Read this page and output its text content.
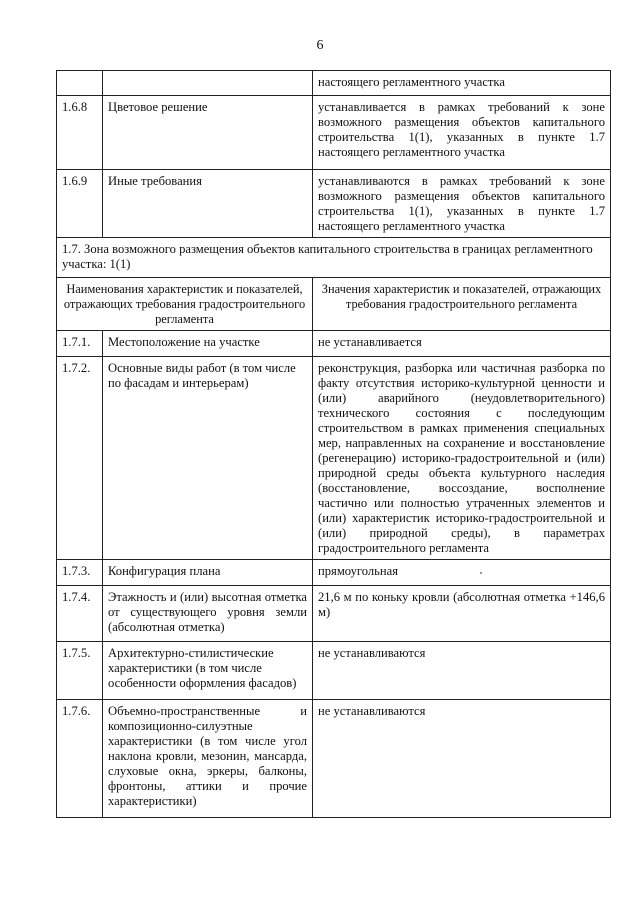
6
		настоящего регламентного участка
1.6.8	Цветовое решение	устанавливается в рамках требований к зоне возможного размещения объектов капитального строительства 1(1), указанных в пункте 1.7 настоящего регламентного участка
1.6.9	Иные требования	устанавливаются в рамках требований к зоне возможного размещения объектов капитального строительства 1(1), указанных в пункте 1.7 настоящего регламентного участка
1.7. Зона возможного размещения объектов капитального строительства в границах регламентного участка: 1(1)		
Наименования характеристик и показателей, отражающих требования градостроительного регламента		Значения характеристик и показателей, отражающих требования градостроительного регламента
1.7.1.	Местоположение на участке	не устанавливается
1.7.2.	Основные виды работ (в том числе по фасадам и интерьерам)	реконструкция, разборка или частичная разборка по факту отсутствия историко-культурной ценности и (или) аварийного (неудовлетворительного) технического состояния с последующим строительством в рамках применения специальных мер, направленных на сохранение и восстановление (регенерацию) историко-градостроительной и (или) природной среды объекта культурного наследия (восстановление, воссоздание, восполнение частично или полностью утраченных элементов и (или) характеристик историко-градостроительной и (или) природной среды), в параметрах градостроительного регламента
1.7.3.	Конфигурация плана	прямоугольная
1.7.4.	Этажность и (или) высотная отметка от существующего уровня земли (абсолютная отметка)	21,6 м по коньку кровли (абсолютная отметка +146,6 м)
1.7.5.	Архитектурно-стилистические характеристики (в том числе особенности оформления фасадов)	не устанавливаются
1.7.6.	Объемно-пространственные и композиционно-силуэтные характеристики (в том числе угол наклона кровли, мезонин, мансарда, слуховые окна, эркеры, балконы, фронтоны, аттики и прочие характеристики)	не устанавливаются
